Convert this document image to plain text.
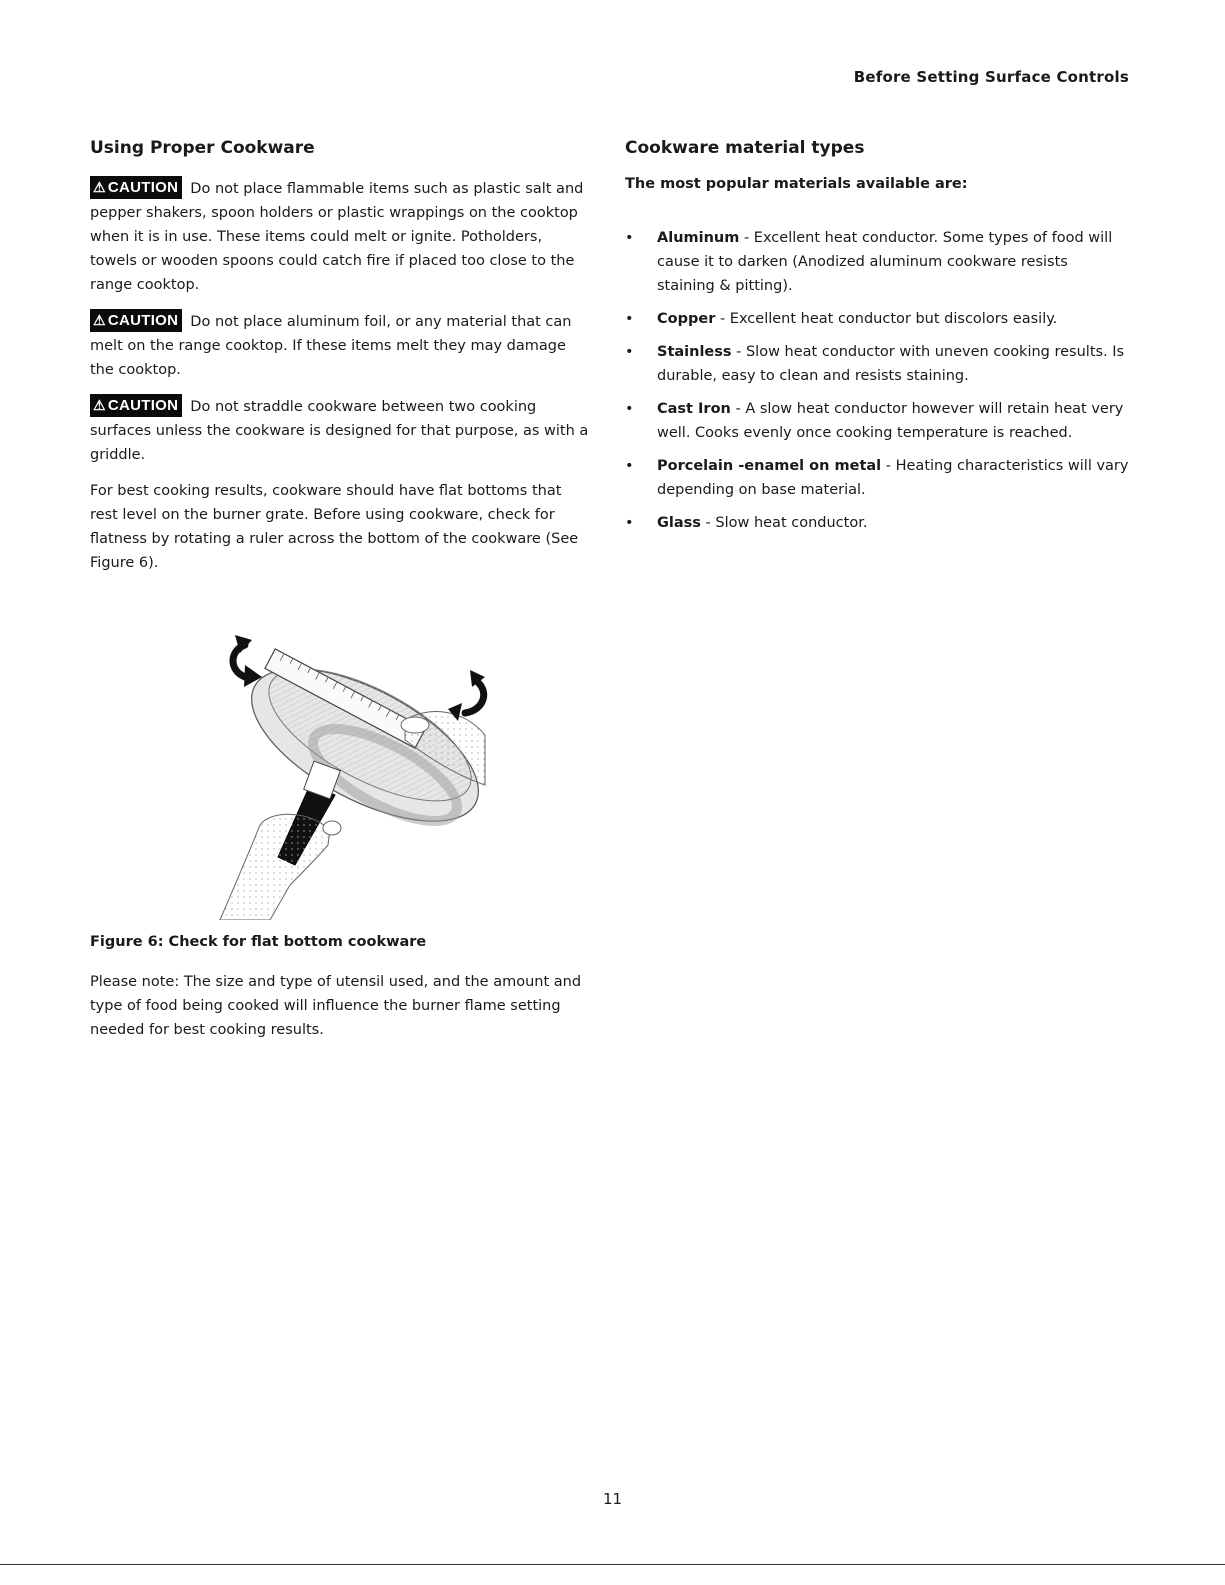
Before Setting Surface Controls
Using Proper Cookware

⚠ CAUTION Do not place flammable items such as plastic salt and pepper shakers, spoon holders or plastic wrappings on the cooktop when it is in use. These items could melt or ignite. Potholders, towels or wooden spoons could catch fire if placed too close to the range cooktop.

⚠ CAUTION Do not place aluminum foil, or any material that can melt on the range cooktop. If these items melt they may damage the cooktop.

⚠ CAUTION Do not straddle cookware between two cooking surfaces unless the cookware is designed for that purpose, as with a griddle.

For best cooking results, cookware should have flat bottoms that rest level on the burner grate. Before using cookware, check for flatness by rotating a ruler across the bottom of the cookware (See Figure 6).

Figure 6: Check for flat bottom cookware

Please note: The size and type of utensil used, and the amount and type of food being cooked will influence the burner flame setting needed for best cooking results.

Cookware material types
The most popular materials available are:
• Aluminum - Excellent heat conductor. Some types of food will cause it to darken (Anodized aluminum cookware resists staining & pitting).
• Copper - Excellent heat conductor but discolors easily.
• Stainless - Slow heat conductor with uneven cooking results. Is durable, easy to clean and resists staining.
• Cast Iron - A slow heat conductor however will retain heat very well. Cooks evenly once cooking temperature is reached.
• Porcelain -enamel on metal - Heating characteristics will vary depending on base material.
• Glass - Slow heat conductor.
11
